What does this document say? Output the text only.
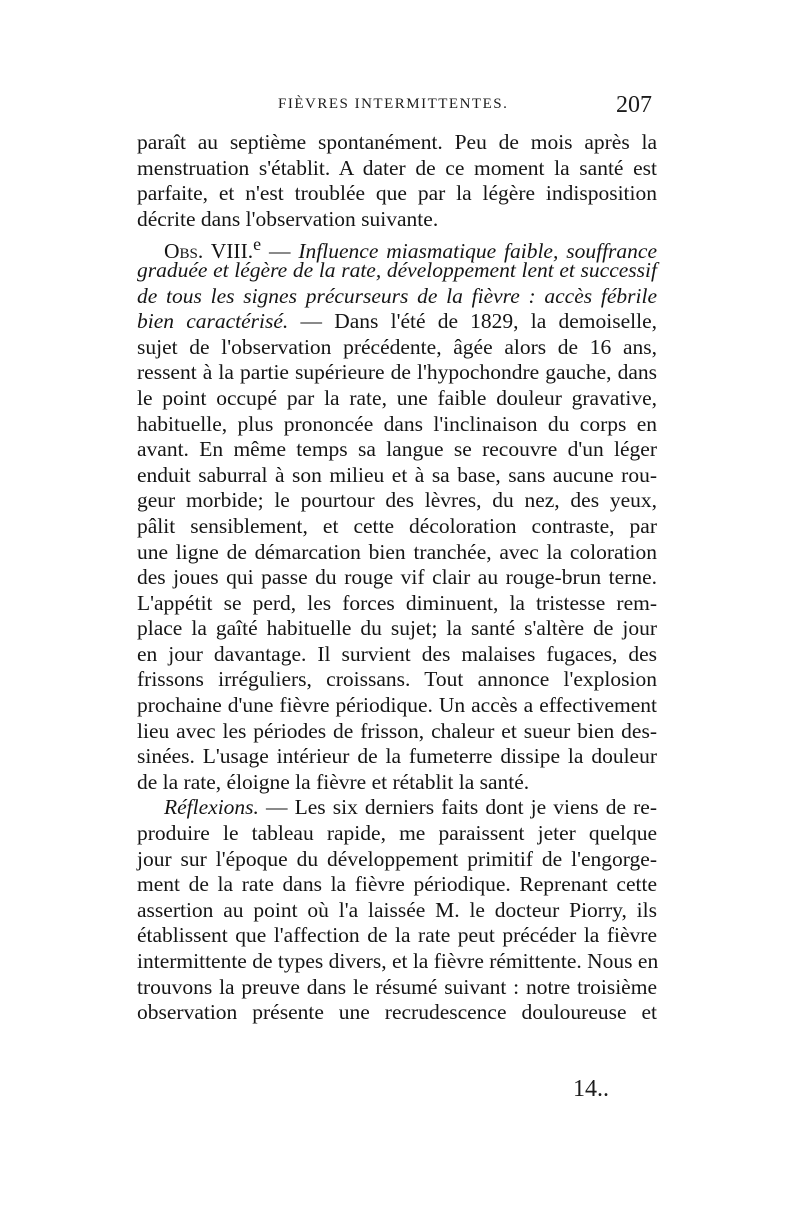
FIÈVRES INTERMITTENTES.	207
paraît au septième spontanément. Peu de mois après la
menstruation s'établit. A dater de ce moment la santé est
parfaite, et n'est troublée que par la légère indisposition
décrite dans l'observation suivante.
Obs. VIII.$^e$ — Influence miasmatique faible, souffrance
graduée et légère de la rate, développement lent et successif
de tous les signes précurseurs de la fièvre : accès fébrile
bien caractérisé. — Dans l'été de 1829, la demoiselle,
sujet de l'observation précédente, âgée alors de 16 ans,
ressent à la partie supérieure de l'hypochondre gauche, dans
le point occupé par la rate, une faible douleur gravative,
habituelle, plus prononcée dans l'inclinaison du corps en
avant. En même temps sa langue se recouvre d'un léger
enduit saburral à son milieu et à sa base, sans aucune rou-
geur morbide; le pourtour des lèvres, du nez, des yeux,
pâlit sensiblement, et cette décoloration contraste, par
une ligne de démarcation bien tranchée, avec la coloration
des joues qui passe du rouge vif clair au rouge-brun terne.
L'appétit se perd, les forces diminuent, la tristesse rem-
place la gaîté habituelle du sujet; la santé s'altère de jour
en jour davantage. Il survient des malaises fugaces, des
frissons irréguliers, croissans. Tout annonce l'explosion
prochaine d'une fièvre périodique. Un accès a effectivement
lieu avec les périodes de frisson, chaleur et sueur bien des-
sinées. L'usage intérieur de la fumeterre dissipe la douleur
de la rate, éloigne la fièvre et rétablit la santé.
Réflexions. — Les six derniers faits dont je viens de re-
produire le tableau rapide, me paraissent jeter quelque
jour sur l'époque du développement primitif de l'engorge-
ment de la rate dans la fièvre périodique. Reprenant cette
assertion au point où l'a laissée M. le docteur Piorry, ils
établissent que l'affection de la rate peut précéder la fièvre
intermittente de types divers, et la fièvre rémittente. Nous en
trouvons la preuve dans le résumé suivant : notre troisième
observation présente une recrudescence douloureuse et
14..
